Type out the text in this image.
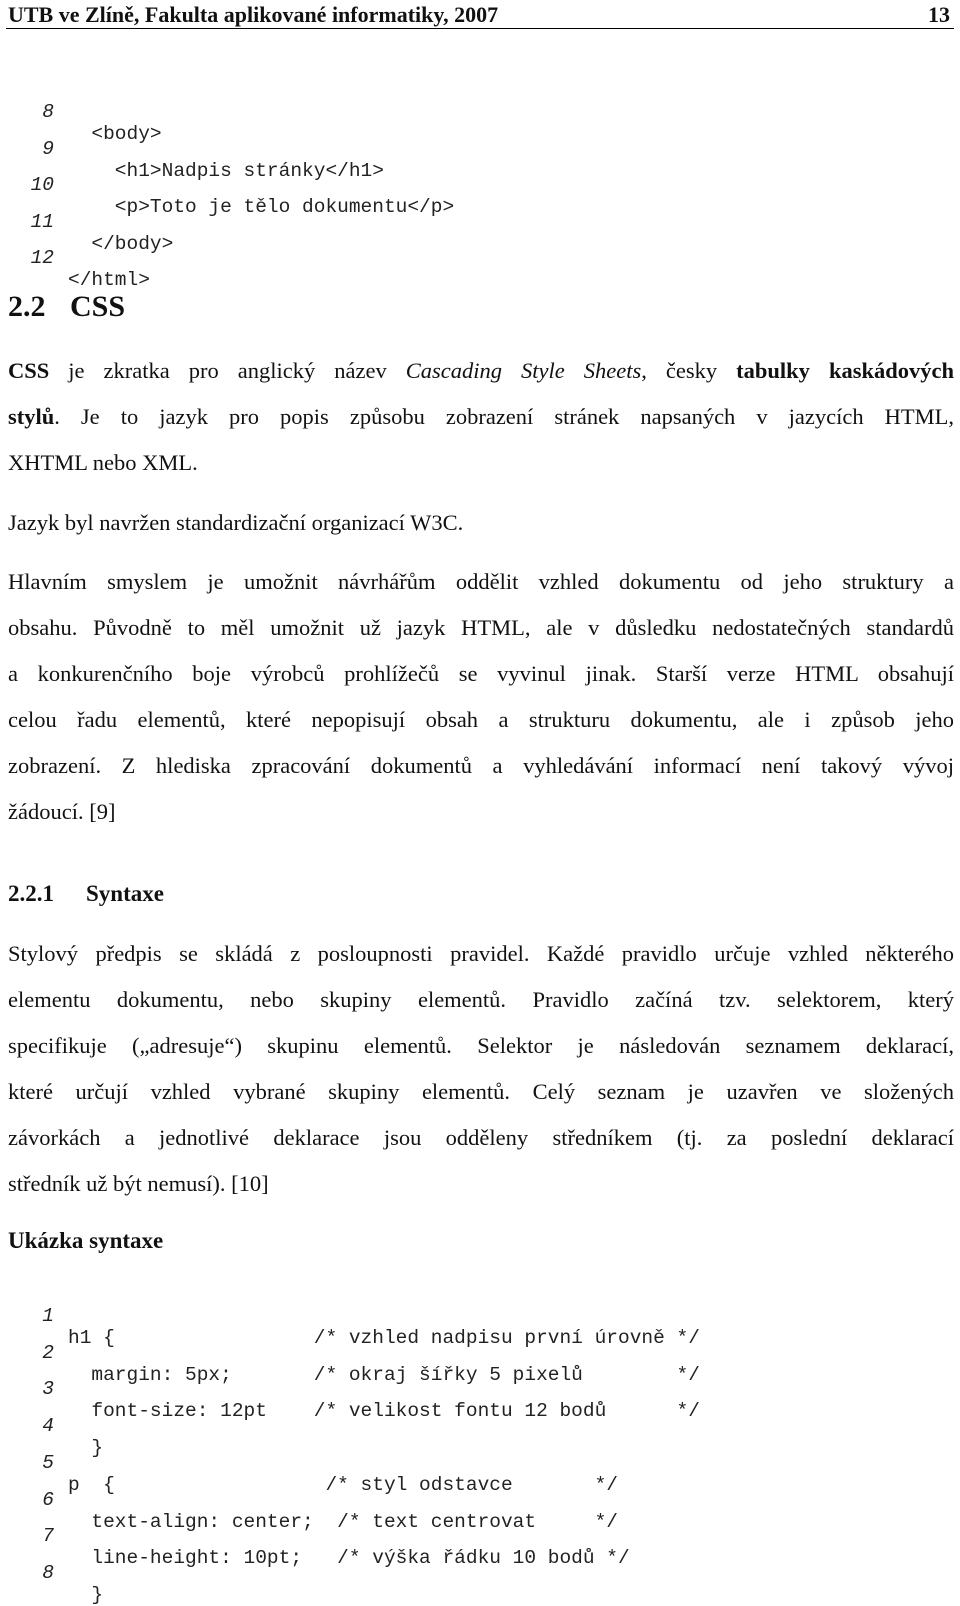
UTB ve Zlíně, Fakulta aplikované informatiky, 2007	13

8

<body>

9

<h1>Nadpis stránky</h1>

10

<p>Toto je tělo dokumentu</p>

11

</body>

12

</html>

2.2 CSS
CSS je zkratka pro anglický název Cascading Style Sheets, česky tabulky kaskádových
stylů. Je to jazyk pro popis způsobu zobrazení stránek napsaných v jazycích HTML,
XHTML nebo XML.
Jazyk byl navržen standardizační organizací W3C.
Hlavním smyslem je umožnit návrhářům oddělit vzhled dokumentu od jeho struktury a
obsahu. Původně to měl umožnit už jazyk HTML, ale v důsledku nedostatečných standardů
a konkurenčního boje výrobců prohlížečů se vyvinul jinak. Starší verze HTML obsahují
celou řadu elementů, které nepopisují obsah a strukturu dokumentu, ale i způsob jeho
zobrazení. Z hlediska zpracování dokumentů a vyhledávání informací není takový vývoj
žádoucí. [9]
2.2.1 Syntaxe
Stylový předpis se skládá z posloupnosti pravidel. Každé pravidlo určuje vzhled některého
elementu dokumentu, nebo skupiny elementů. Pravidlo začíná tzv. selektorem, který
specifikuje („adresuje“) skupinu elementů. Selektor je následován seznamem deklarací,
které určují vzhled vybrané skupiny elementů. Celý seznam je uzavřen ve složených
závorkách a jednotlivé deklarace jsou odděleny středníkem (tj. za poslední deklarací
středník už být nemusí). [10]
Ukázka syntaxe

1

h1 {                 /* vzhled nadpisu první úrovně */

2

margin: 5px;       /* okraj šířky 5 pixelů        */

3

font-size: 12pt    /* velikost fontu 12 bodů      */

4

}

5

p  {                  /* styl odstavce       */

6

text-align: center;  /* text centrovat     */

7

line-height: 10pt;   /* výška řádku 10 bodů */

8

}
